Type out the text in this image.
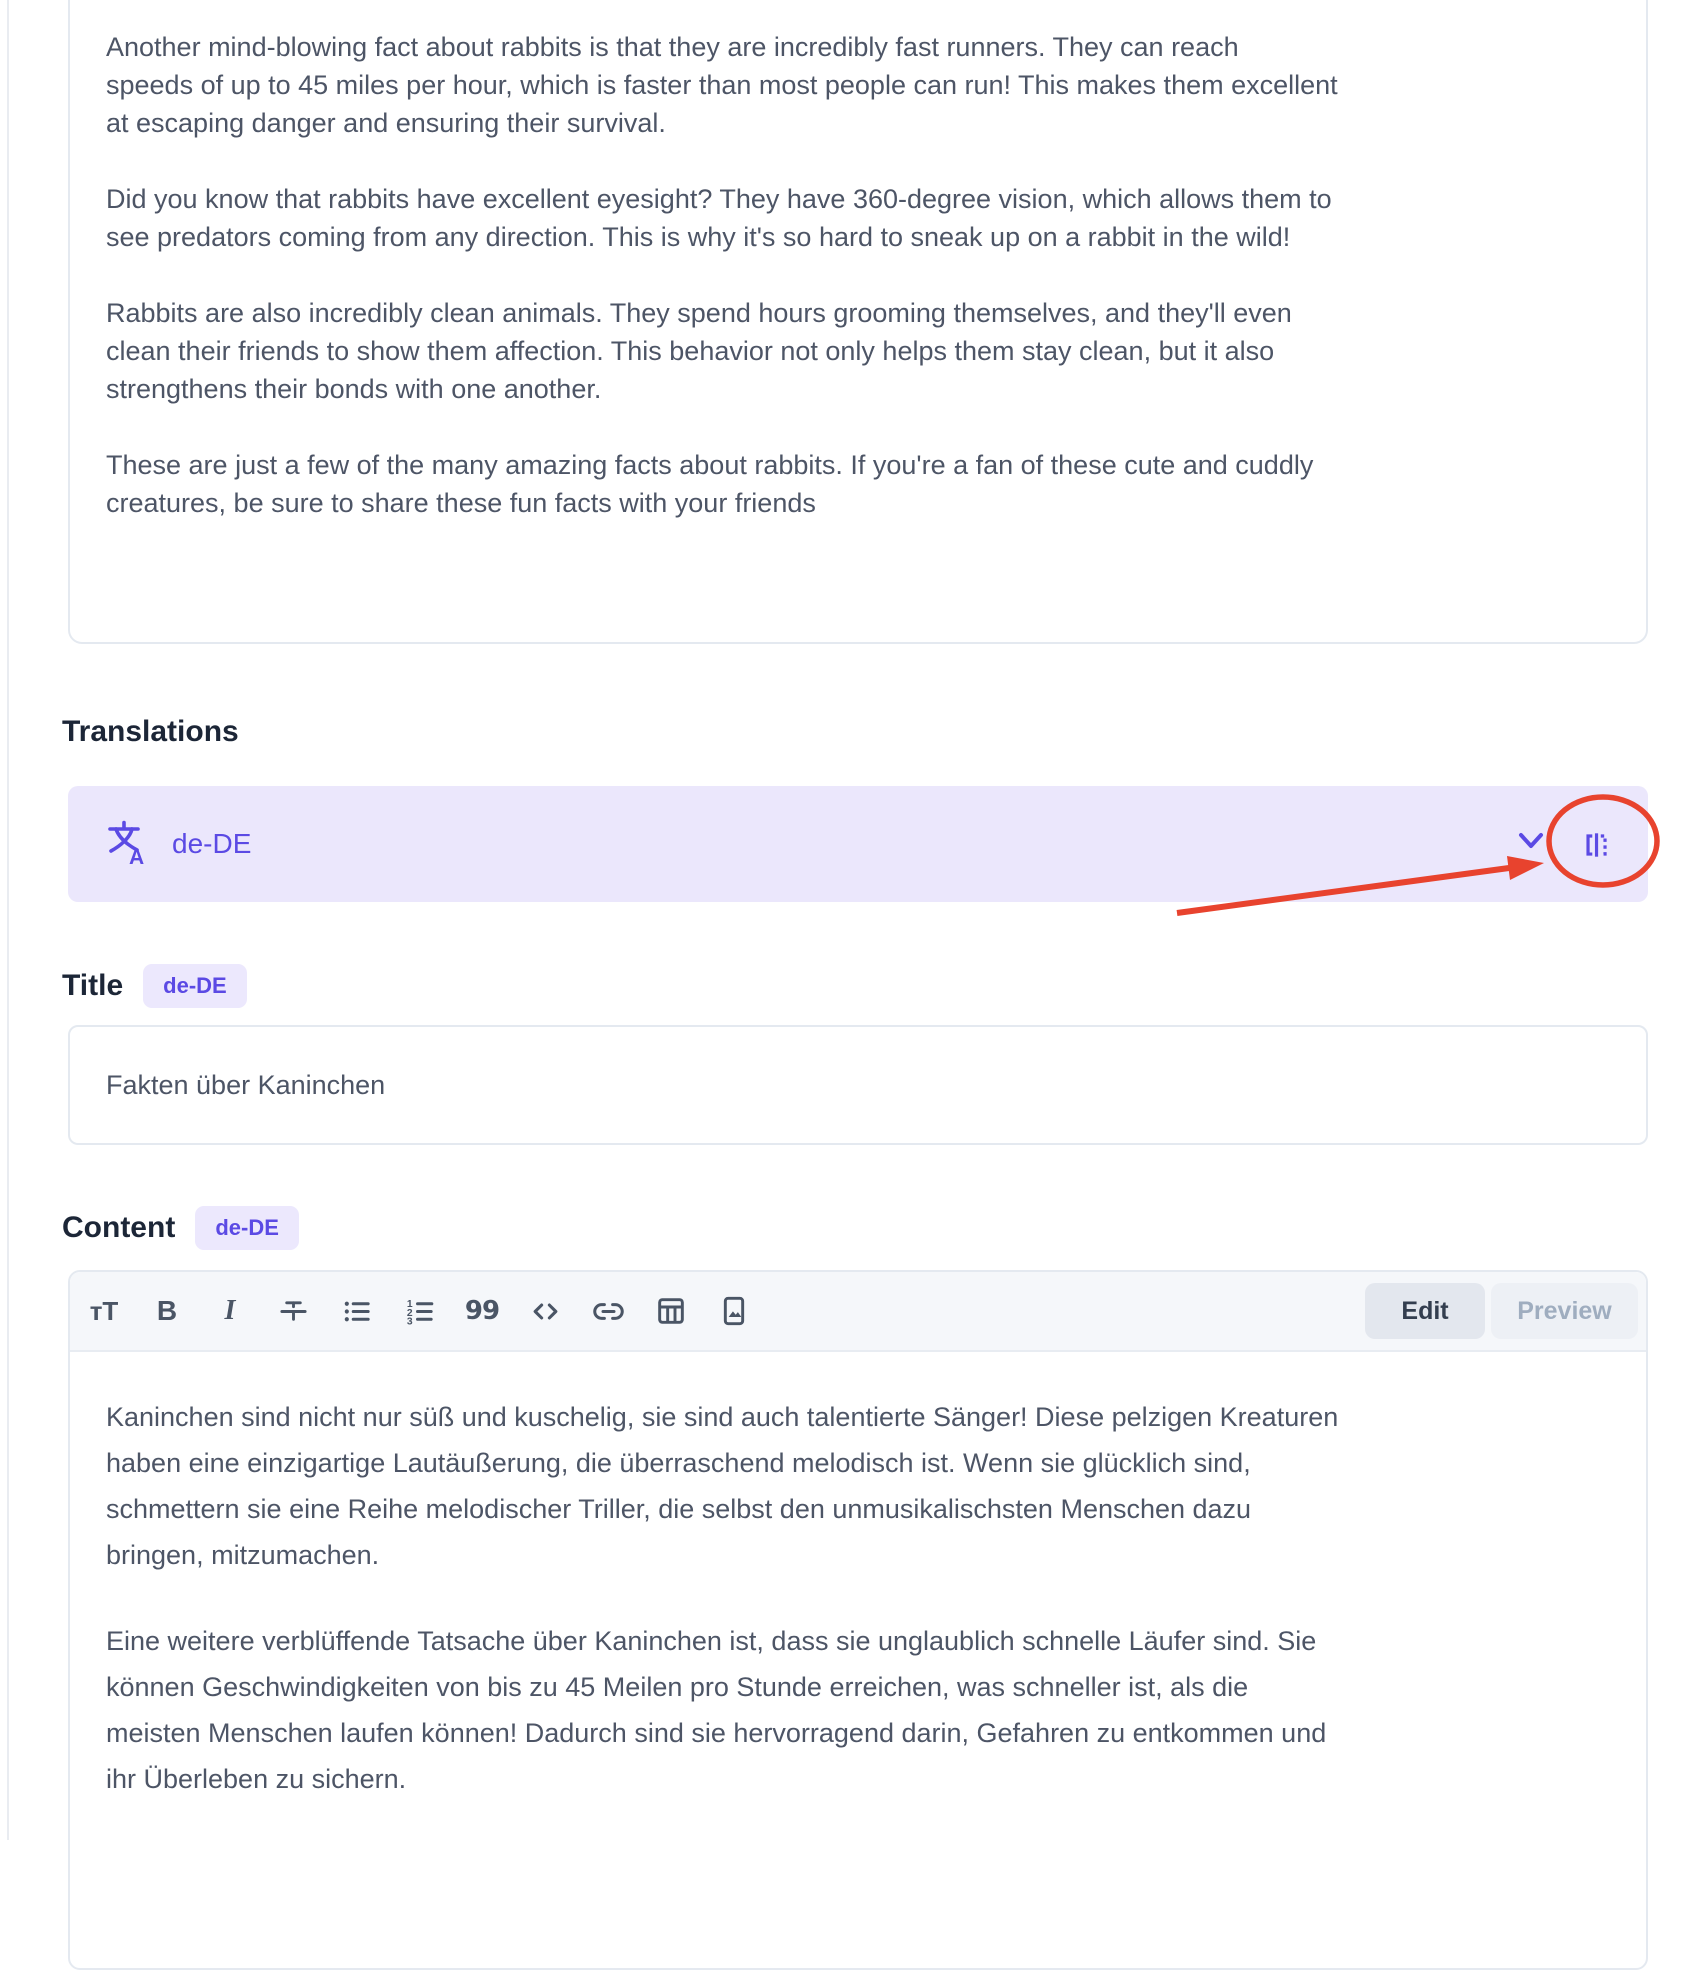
Another mind-blowing fact about rabbits is that they are incredibly fast runners. They can reach
speeds of up to 45 miles per hour, which is faster than most people can run! This makes them excellent
at escaping danger and ensuring their survival.
Did you know that rabbits have excellent eyesight? They have 360-degree vision, which allows them to
see predators coming from any direction. This is why it's so hard to sneak up on a rabbit in the wild!
Rabbits are also incredibly clean animals. They spend hours grooming themselves, and they'll even
clean their friends to show them affection. This behavior not only helps them stay clean, but it also
strengthens their bonds with one another.
These are just a few of the many amazing facts about rabbits. If you're a fan of these cute and cuddly
creatures, be sure to share these fun facts with your friends
Translations
A de-DE
Title	de-DE
Fakten über Kaninchen
Content	de-DE
ᴛT B I	1
2
3 99	Edit	Preview
Kaninchen sind nicht nur süß und kuschelig, sie sind auch talentierte Sänger! Diese pelzigen Kreaturen
haben eine einzigartige Lautäußerung, die überraschend melodisch ist. Wenn sie glücklich sind,
schmettern sie eine Reihe melodischer Triller, die selbst den unmusikalischsten Menschen dazu
bringen, mitzumachen.
Eine weitere verblüffende Tatsache über Kaninchen ist, dass sie unglaublich schnelle Läufer sind. Sie
können Geschwindigkeiten von bis zu 45 Meilen pro Stunde erreichen, was schneller ist, als die
meisten Menschen laufen können! Dadurch sind sie hervorragend darin, Gefahren zu entkommen und
ihr Überleben zu sichern.
